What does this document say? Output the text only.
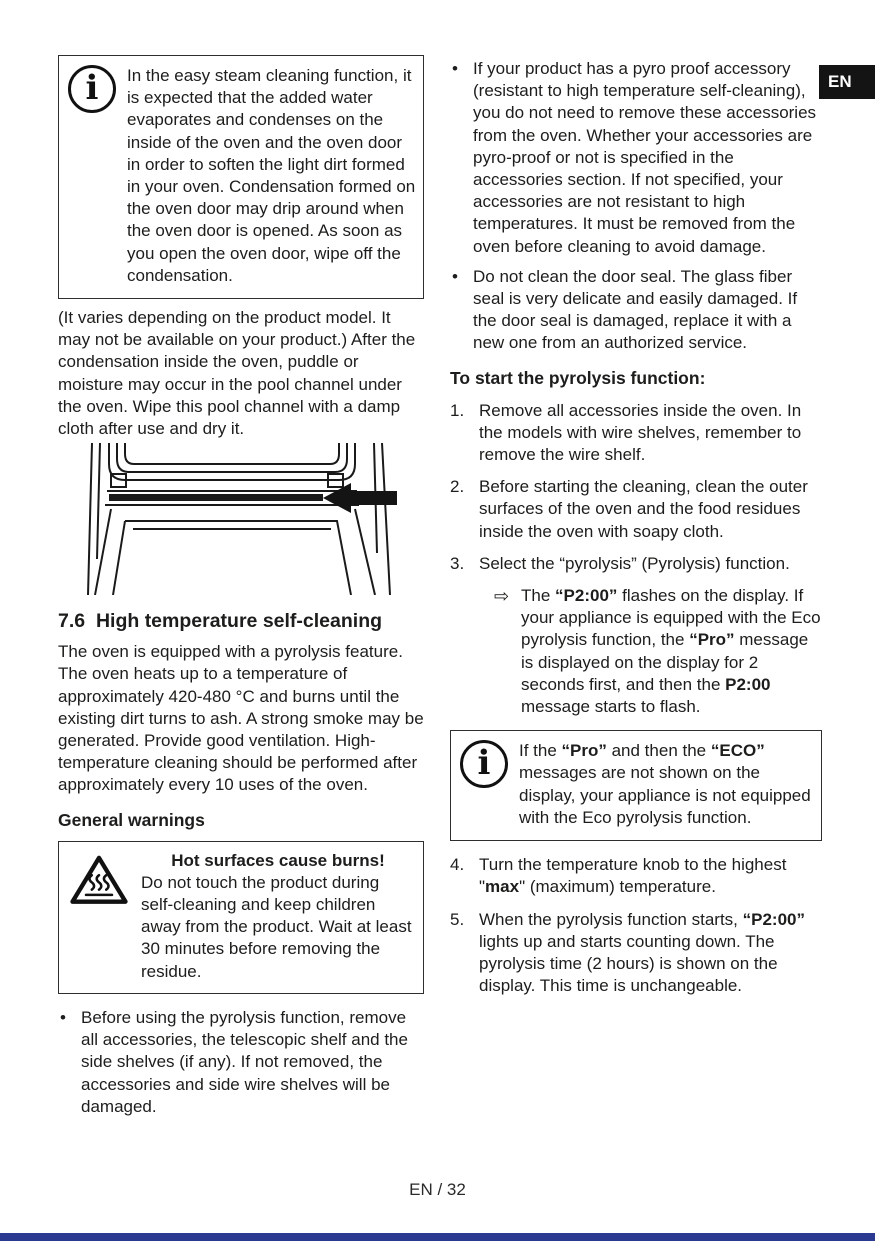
EN
i	In the easy steam cleaning function, it is expected that the added water evaporates and condenses on the inside of the oven and the oven door in order to soften the light dirt formed in your oven. Condensation formed on the oven door may drip around when the oven door is opened. As soon as you open the oven door, wipe off the condensation.
(It varies depending on the product model. It may not be available on your product.) After the condensation inside the oven, puddle or moisture may occur in the pool channel under the oven. Wipe this pool channel with a damp cloth after use and dry it.
7.6 High temperature self-cleaning
The oven is equipped with a pyrolysis feature. The oven heats up to a temperature of approximately 420-480 °C and burns until the existing dirt turns to ash. A strong smoke may be generated. Provide good ventilation. High-temperature cleaning should be performed after approximately every 10 uses of the oven.
General warnings
Hot surfaces cause burns!
Do not touch the product during self-cleaning and keep children away from the product. Wait at least 30 minutes before removing the residue.
• Before using the pyrolysis function, remove all accessories, the telescopic shelf and the side shelves (if any). If not removed, the accessories and side wire shelves will be damaged.
• If your product has a pyro proof accessory (resistant to high temperature self-cleaning), you do not need to remove these accessories from the oven. Whether your accessories are pyro-proof or not is specified in the accessories section. If not specified, your accessories are not resistant to high temperatures. It must be removed from the oven before cleaning to avoid damage.
• Do not clean the door seal. The glass fiber seal is very delicate and easily damaged. If the door seal is damaged, replace it with a new one from an authorized service.
To start the pyrolysis function:
1. Remove all accessories inside the oven. In the models with wire shelves, remember to remove the wire shelf.
2. Before starting the cleaning, clean the outer surfaces of the oven and the food residues inside the oven with soapy cloth.
3. Select the “pyrolysis” (Pyrolysis) function.
⇨ The “P2:00” flashes on the display. If your appliance is equipped with the Eco pyrolysis function, the “Pro” message is displayed on the display for 2 seconds first, and then the P2:00 message starts to flash.
i	If the “Pro” and then the “ECO” messages are not shown on the display, your appliance is not equipped with the Eco pyrolysis function.
4. Turn the temperature knob to the highest "max" (maximum) temperature.
5. When the pyrolysis function starts, “P2:00” lights up and starts counting down. The pyrolysis time (2 hours) is shown on the display. This time is unchangeable.
EN / 32
